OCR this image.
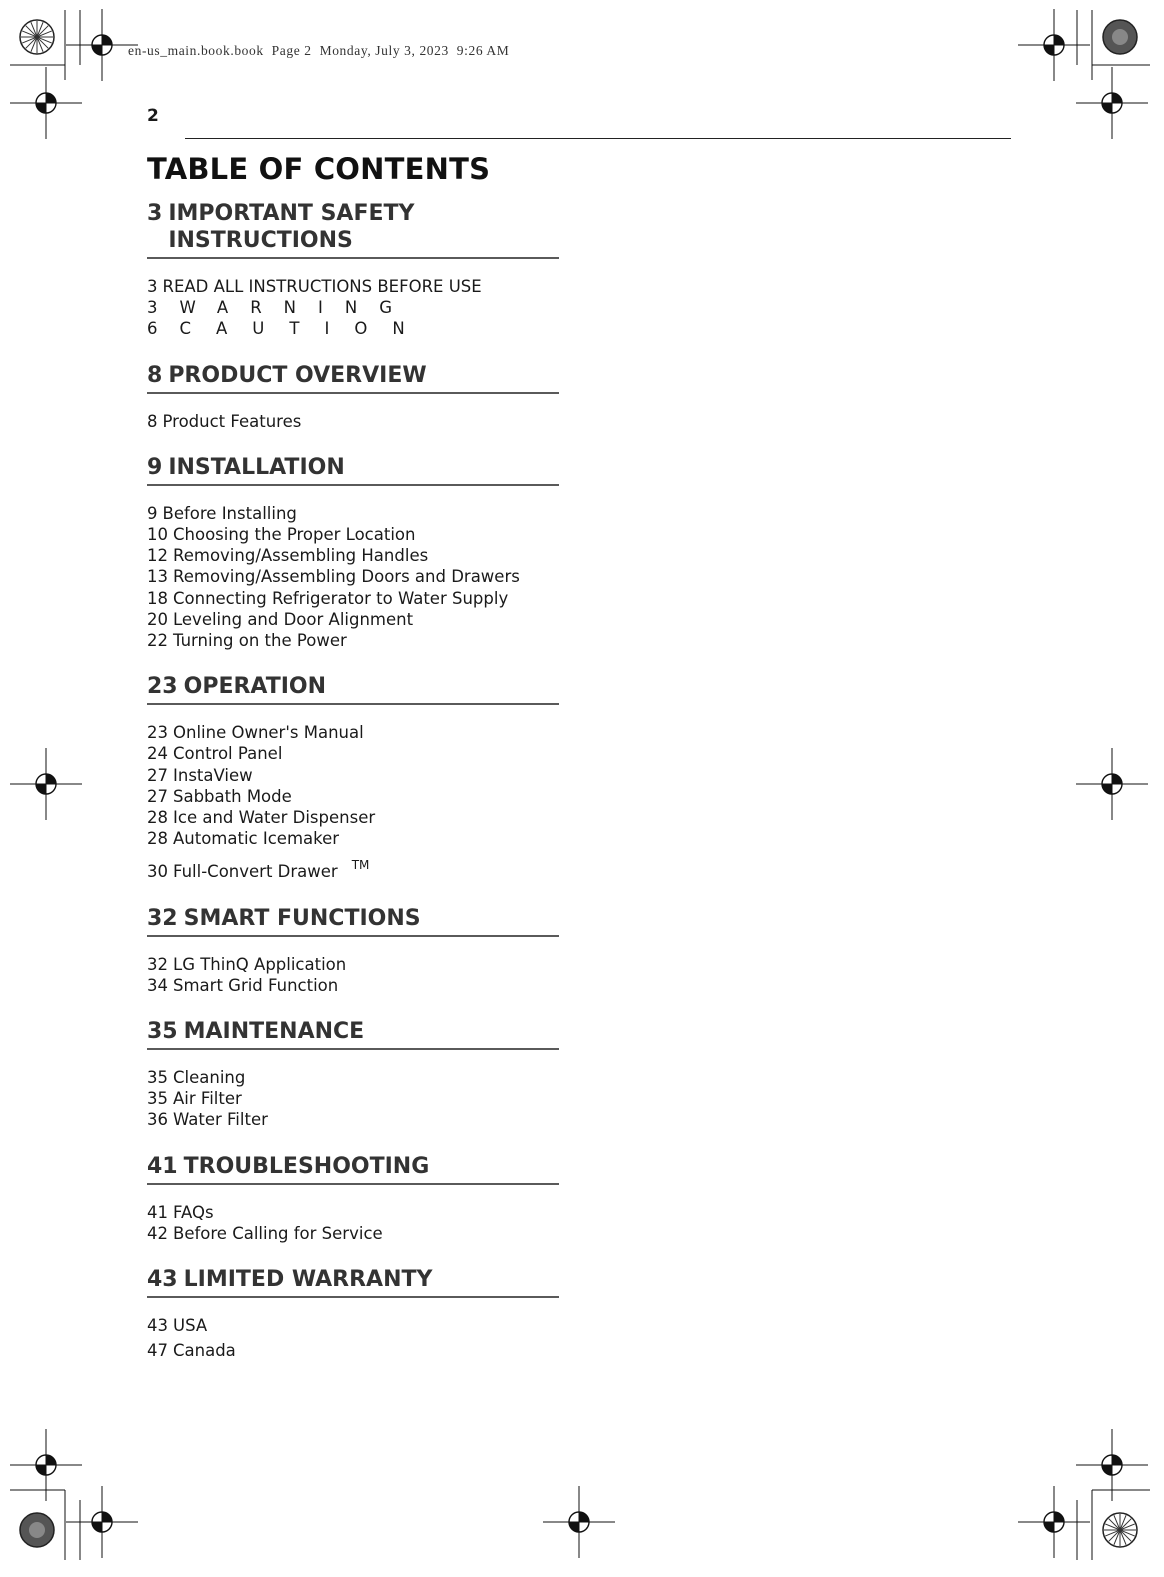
en-us_main.book.book  Page 2  Monday, July 3, 2023  9:26 AM
2
TABLE OF CONTENTS
3 IMPORTANT SAFETY INSTRUCTIONS
3 READ ALL INSTRUCTIONS BEFORE USE
3 WARNING
6 CAUTION
8 PRODUCT OVERVIEW
8 Product Features
9 INSTALLATION
9 Before Installing
10 Choosing the Proper Location
12 Removing/Assembling Handles
13 Removing/Assembling Doors and Drawers
18 Connecting Refrigerator to Water Supply
20 Leveling and Door Alignment
22 Turning on the Power
23 OPERATION
23 Online Owner's Manual
24 Control Panel
27 InstaView
27 Sabbath Mode
28 Ice and Water Dispenser
28 Automatic Icemaker
30 Full-Convert Drawer ™
32 SMART FUNCTIONS
32 LG ThinQ Application
34 Smart Grid Function
35 MAINTENANCE
35 Cleaning
35 Air Filter
36 Water Filter
41 TROUBLESHOOTING
41 FAQs
42 Before Calling for Service
43 LIMITED WARRANTY
43 USA
47 Canada
